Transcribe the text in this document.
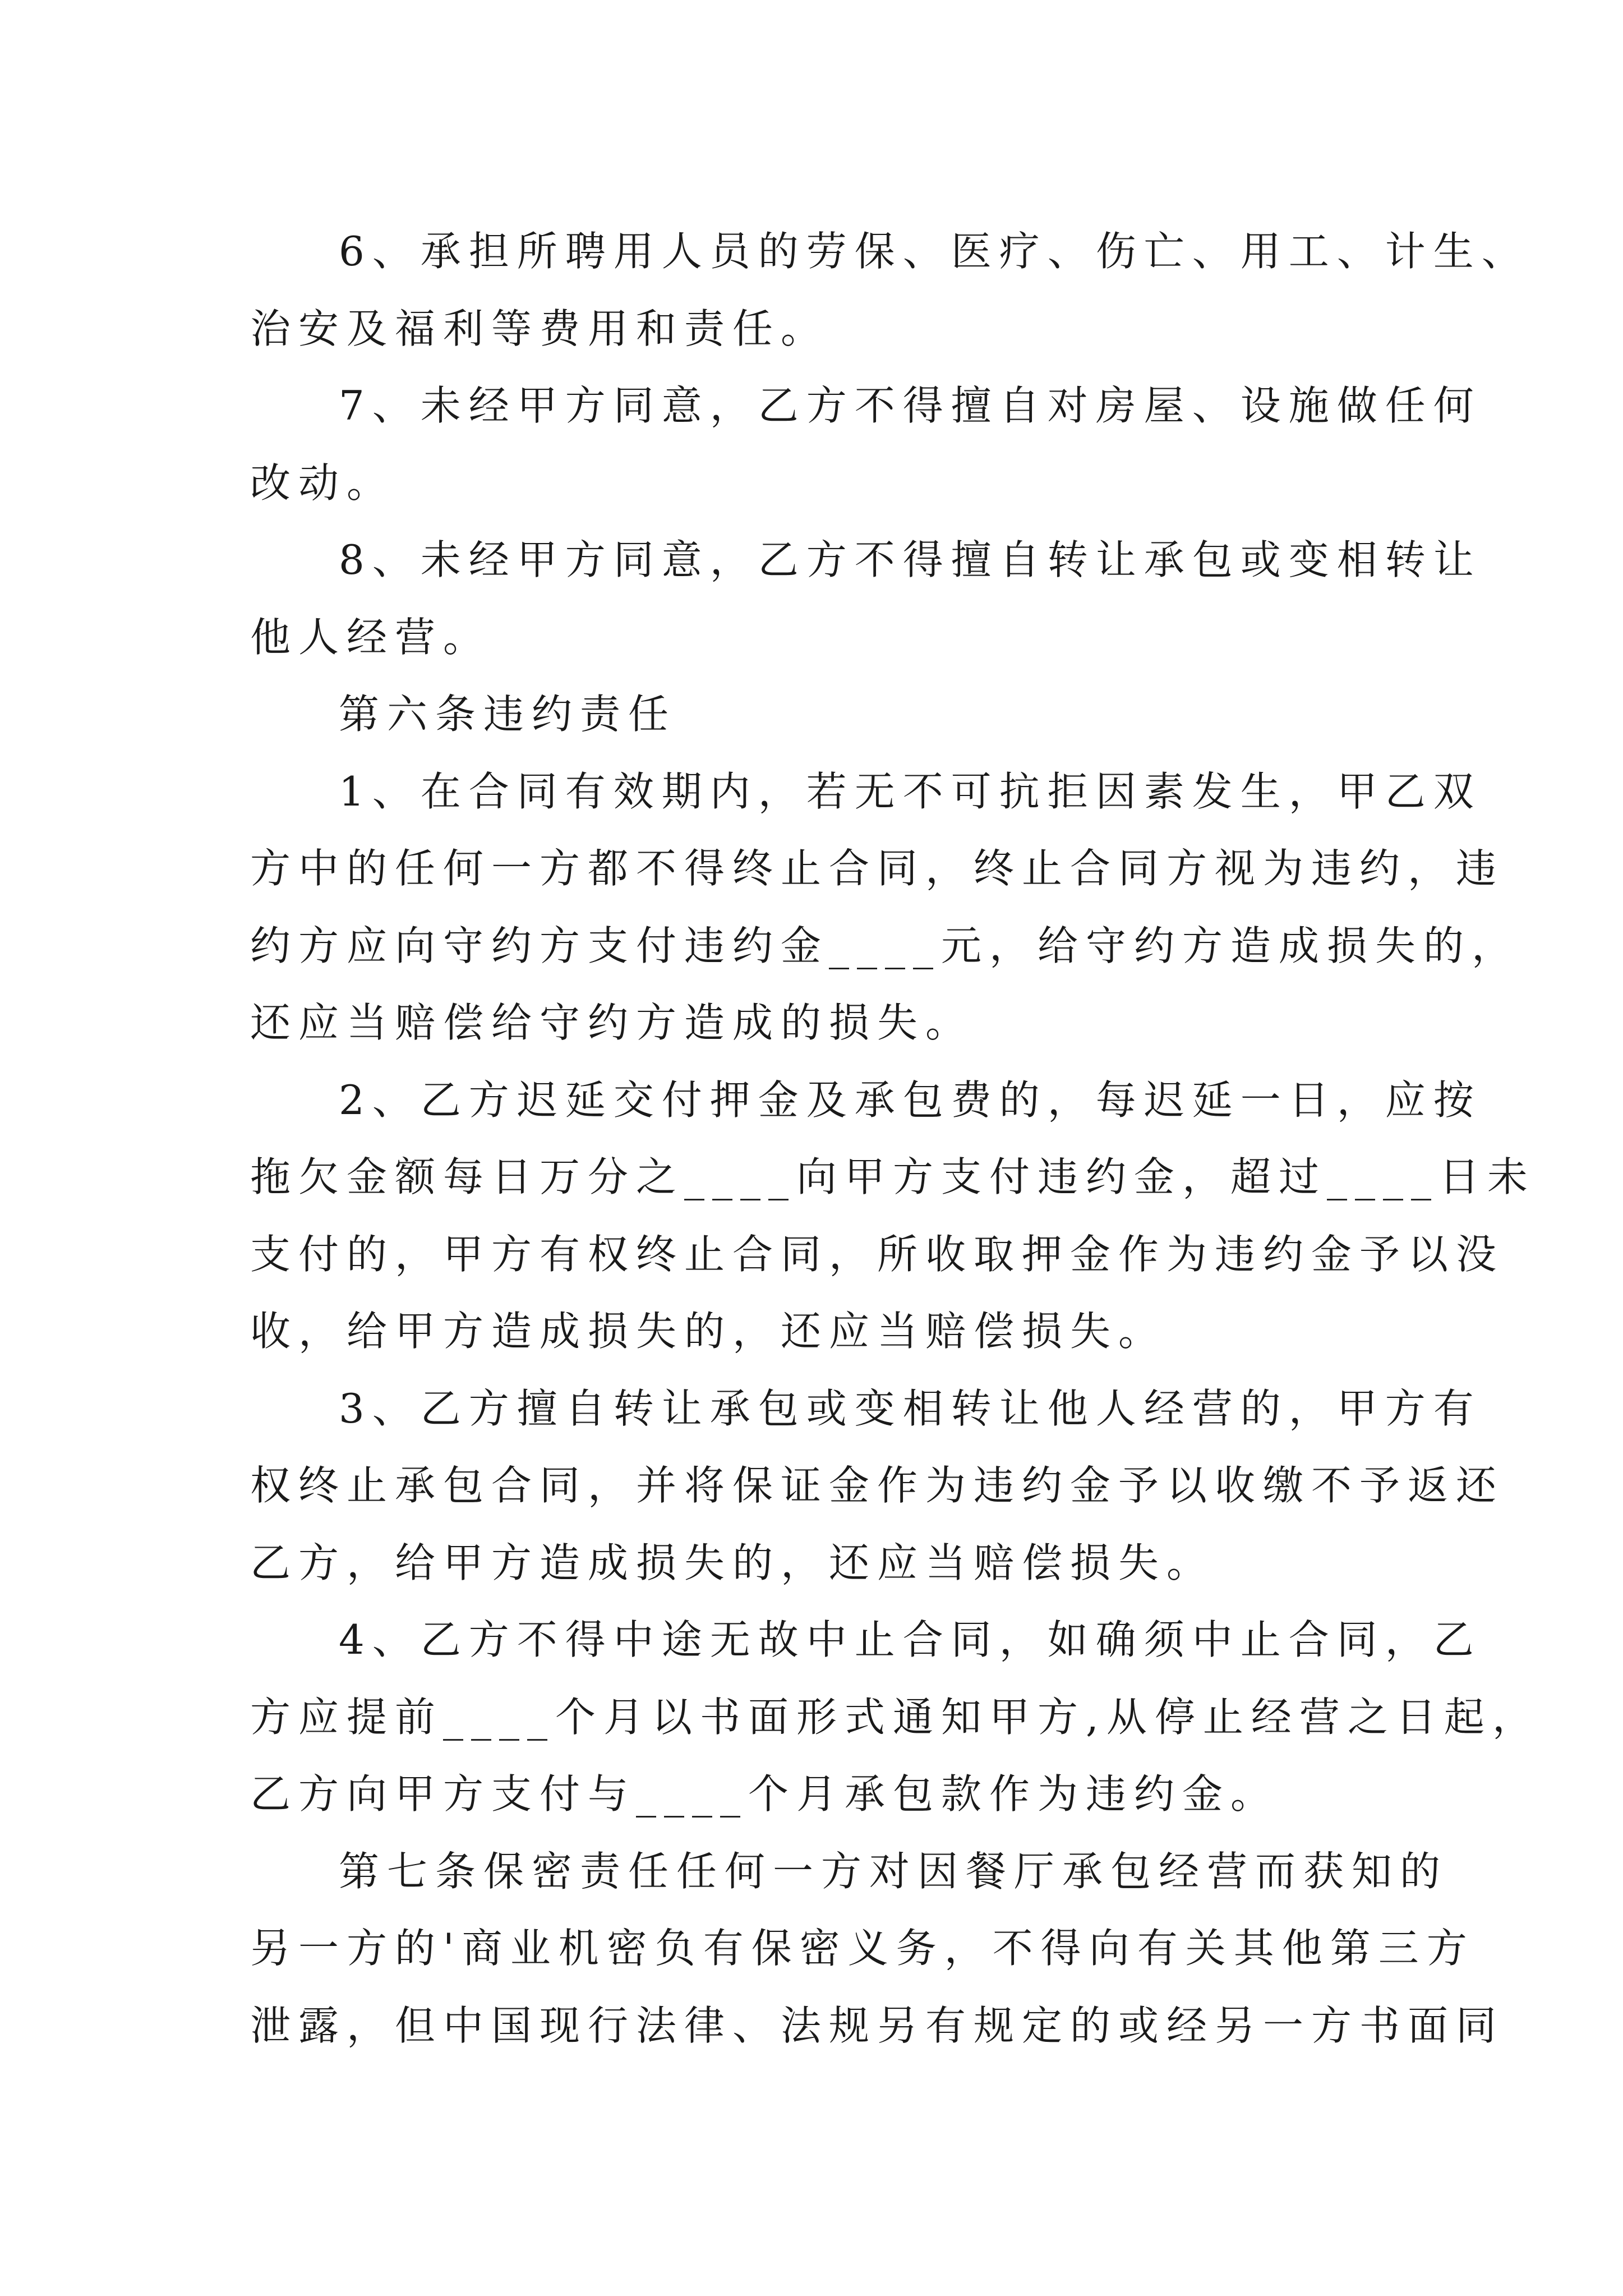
6、承担所聘用人员的劳保、医疗、伤亡、用工、计生、
治安及福利等费用和责任。
7、未经甲方同意，乙方不得擅自对房屋、设施做任何
改动。
8、未经甲方同意，乙方不得擅自转让承包或变相转让
他人经营。
第六条违约责任
1、在合同有效期内，若无不可抗拒因素发生，甲乙双
方中的任何一方都不得终止合同，终止合同方视为违约，违
约方应向守约方支付违约金____元，给守约方造成损失的，
还应当赔偿给守约方造成的损失。
2、乙方迟延交付押金及承包费的，每迟延一日，应按
拖欠金额每日万分之____向甲方支付违约金，超过____日未
支付的，甲方有权终止合同，所收取押金作为违约金予以没
收，给甲方造成损失的，还应当赔偿损失。
3、乙方擅自转让承包或变相转让他人经营的，甲方有
权终止承包合同，并将保证金作为违约金予以收缴不予返还
乙方，给甲方造成损失的，还应当赔偿损失。
4、乙方不得中途无故中止合同，如确须中止合同，乙
方应提前____个月以书面形式通知甲方,从停止经营之日起，
乙方向甲方支付与____个月承包款作为违约金。
第七条保密责任任何一方对因餐厅承包经营而获知的
另一方的'商业机密负有保密义务，不得向有关其他第三方
泄露，但中国现行法律、法规另有规定的或经另一方书面同
